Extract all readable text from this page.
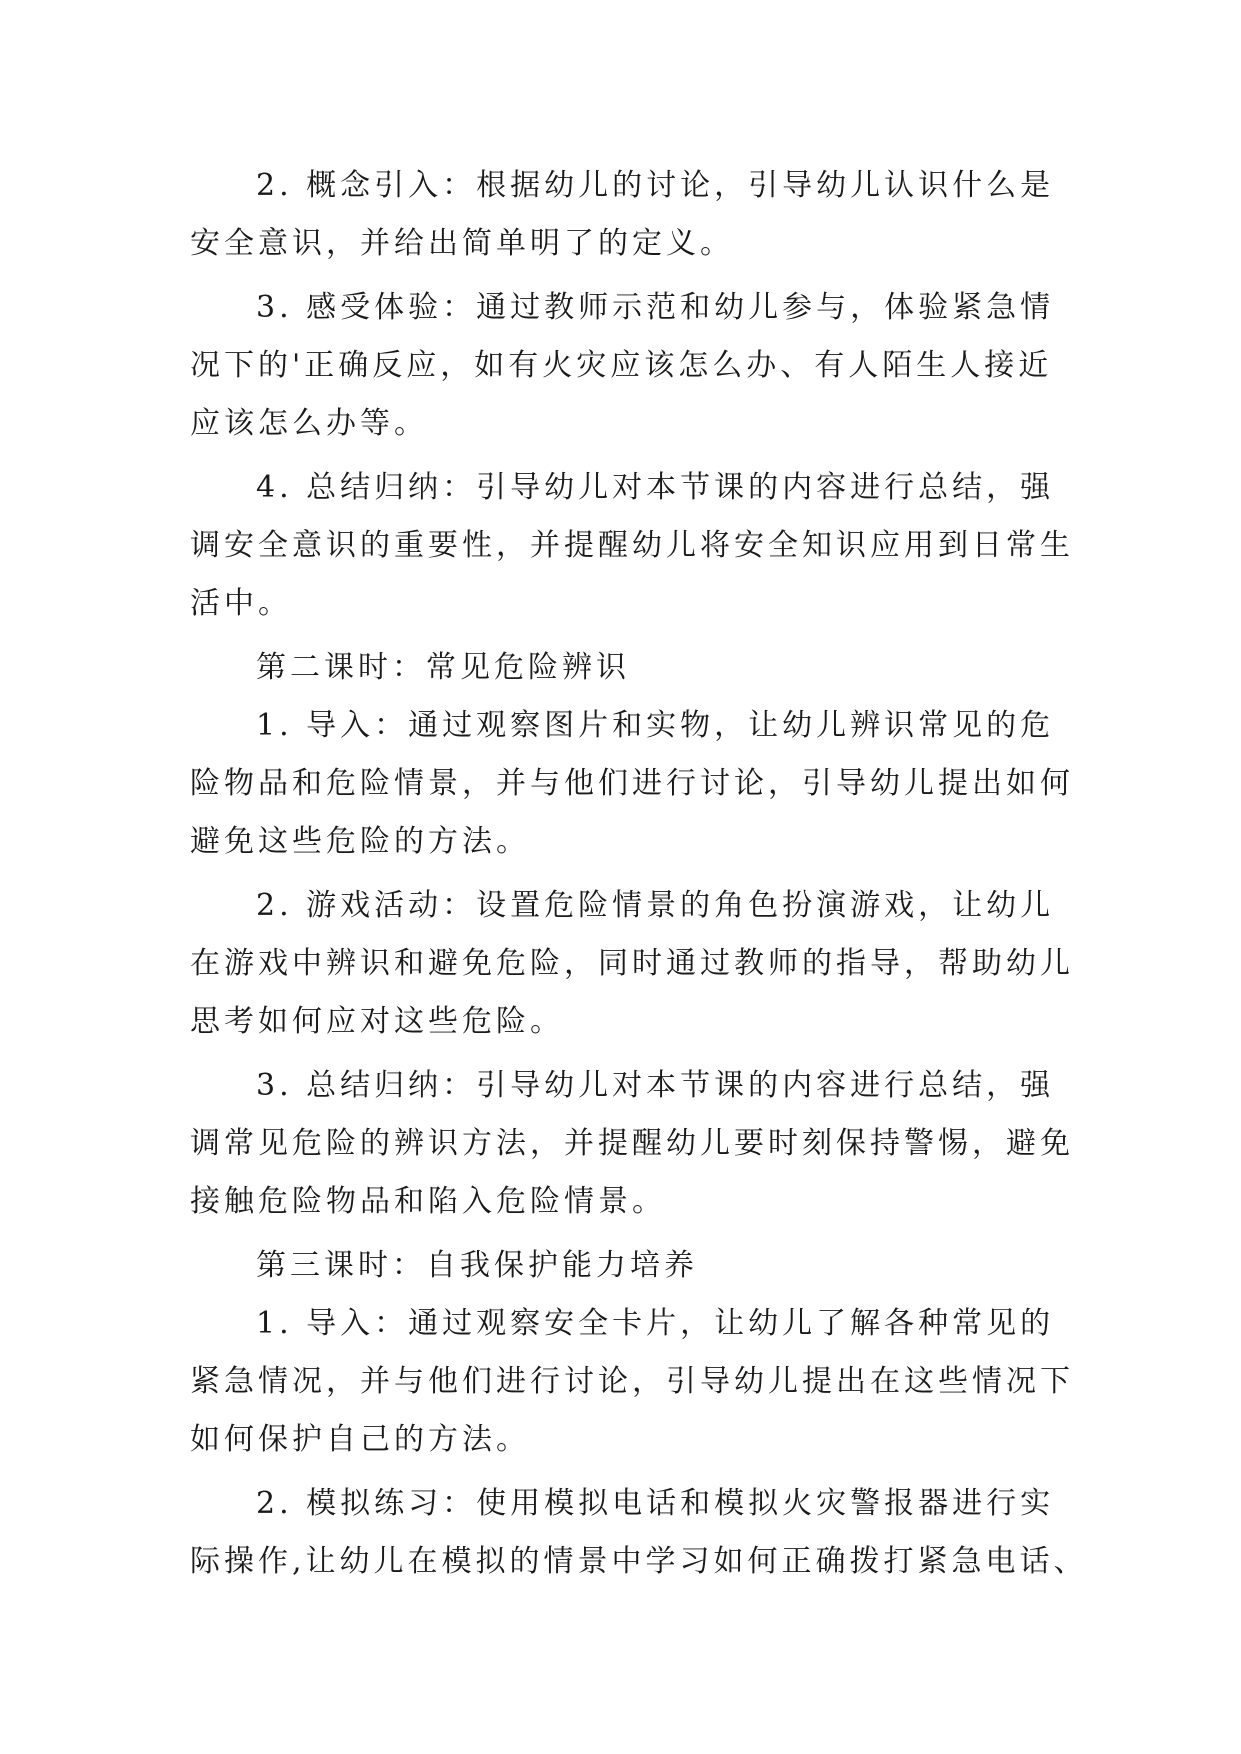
2. 概念引入：根据幼儿的讨论，引导幼儿认识什么是
安全意识，并给出简单明了的定义。
3. 感受体验：通过教师示范和幼儿参与，体验紧急情
况下的'正确反应，如有火灾应该怎么办、有人陌生人接近
应该怎么办等。
4. 总结归纳：引导幼儿对本节课的内容进行总结，强
调安全意识的重要性，并提醒幼儿将安全知识应用到日常生
活中。
第二课时：常见危险辨识
1. 导入：通过观察图片和实物，让幼儿辨识常见的危
险物品和危险情景，并与他们进行讨论，引导幼儿提出如何
避免这些危险的方法。
2. 游戏活动：设置危险情景的角色扮演游戏，让幼儿
在游戏中辨识和避免危险，同时通过教师的指导，帮助幼儿
思考如何应对这些危险。
3. 总结归纳：引导幼儿对本节课的内容进行总结，强
调常见危险的辨识方法，并提醒幼儿要时刻保持警惕，避免
接触危险物品和陷入危险情景。
第三课时：自我保护能力培养
1. 导入：通过观察安全卡片，让幼儿了解各种常见的
紧急情况，并与他们进行讨论，引导幼儿提出在这些情况下
如何保护自己的方法。
2. 模拟练习：使用模拟电话和模拟火灾警报器进行实
际操作,让幼儿在模拟的情景中学习如何正确拨打紧急电话、
